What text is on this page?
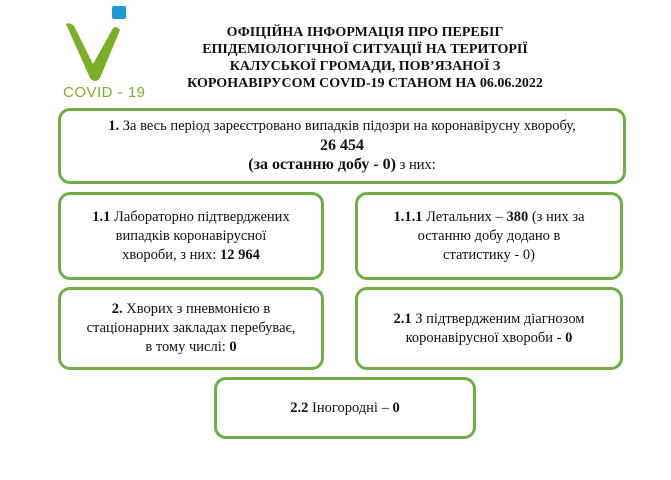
COVID - 19
ОФІЦІЙНА ІНФОРМАЦІЯ ПРО ПЕРЕБІГ
ЕПІДЕМІОЛОГІЧНОЇ СИТУАЦІЇ НА ТЕРИТОРІЇ
КАЛУСЬКОЇ ГРОМАДИ, ПОВ’ЯЗАНОЇ З
КОРОНАВІРУСОМ COVID-19 СТАНОМ НА 06.06.2022
1. За весь період зареєстровано випадків підозри на коронавірусну хворобу,
26 454
(за останню добу - 0) з них:
1.1 Лабораторно підтверджених
випадків коронавірусної
хвороби, з них: 12 964
1.1.1 Летальних – 380 (з них за
останню добу додано в
статистику - 0)
2. Хворих з пневмонією в
стаціонарних закладах перебуває,
в тому числі: 0
2.1 З підтвердженим діагнозом
коронавірусної хвороби - 0
2.2 Іногородні – 0
